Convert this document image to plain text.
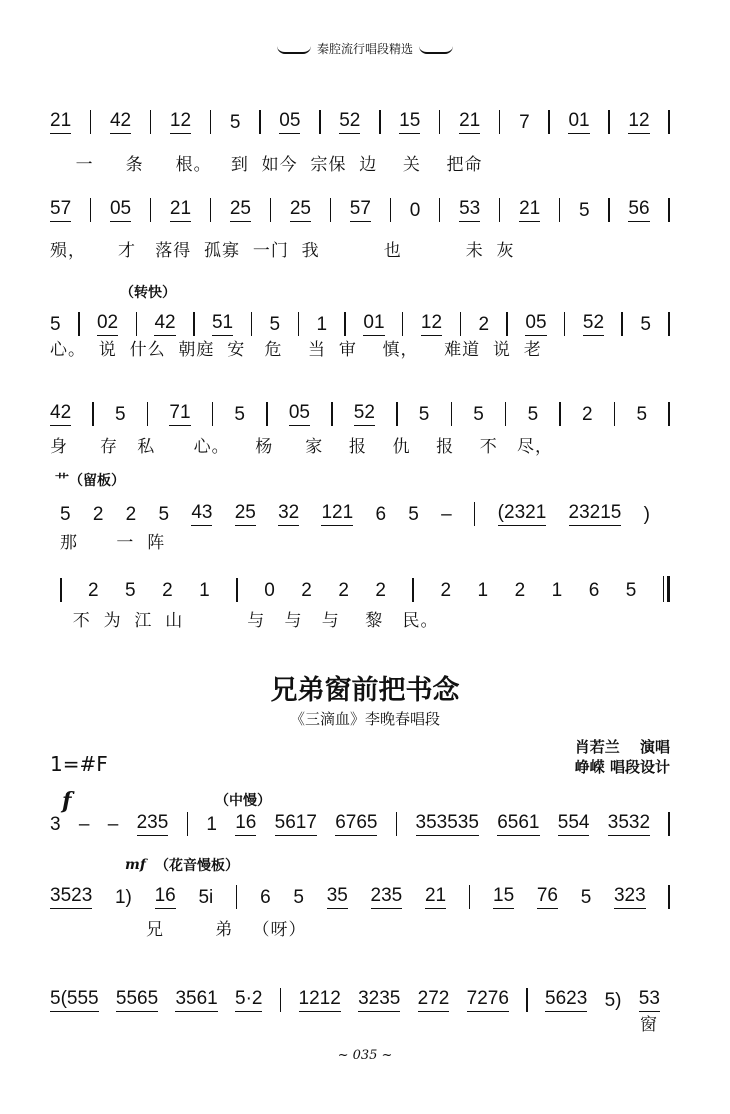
秦腔流行唱段精选
21 42 12 5 05 52 15 21 7 01 12
一     条     根。   到  如今  宗保  边    关    把命
57 05 21 25 25 57 0 53 21 5 56
殒，     才   落得  孤寡  一门  我          也          未  灰
5 02 42 51 5 1 01 12 2 05 52 5
心。  说  什么  朝庭  安   危    当  审    慎，    难道  说  老
（转快）
42 5 71 5 05 52 5 5 5 2 5
身     存   私      心。    杨     家    报    仇    报    不   尽，
5 2 2 5 43 25 32 121 6 5 – (2321 23215 )
那      一  阵
艹（留板）
2 5 2 1	0 2 2 2	2 1 2 1 6 5
不  为  江  山          与   与   与    黎   民。
兄弟窗前把书念
《三滴血》李晚春唱段
肖若兰　 演唱
峥嵘 唱段设计
1=#F
3 – – 235 1 16 5617 6765 353535 6561 554 3532
（中慢）
f
3523 1) 16 5i 6 5 35 235 21 15 76 5 323
兄        弟   （呀）
（花音慢板）
mf
5(555 5565 3561 5·2 1212 3235 272 7276 5623 5) 53
窗
~ 035 ~
